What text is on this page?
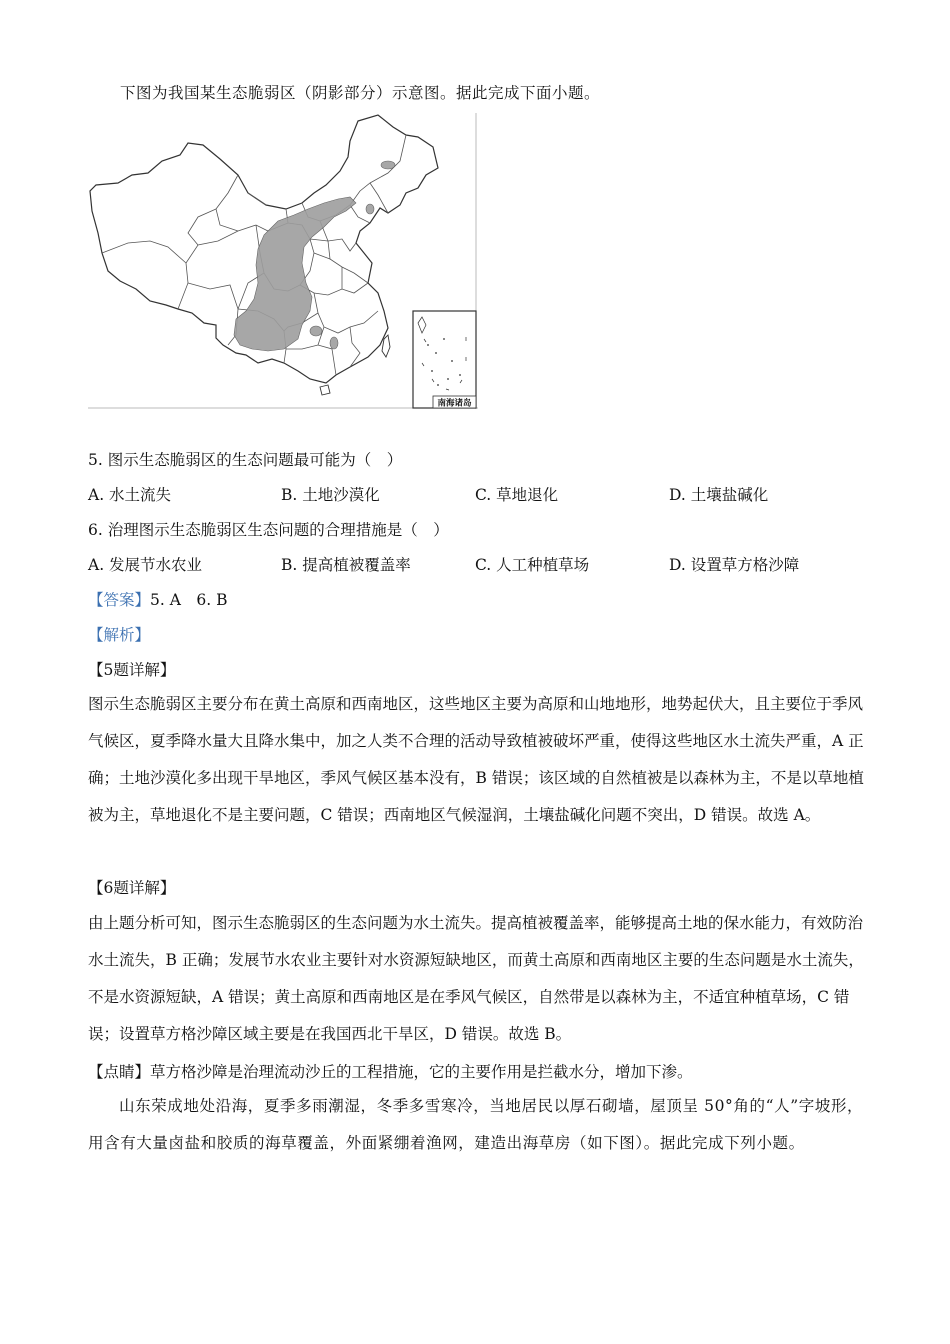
下图为我国某生态脆弱区（阴影部分）示意图。据此完成下面小题。
南海诸岛
5. 图示生态脆弱区的生态问题最可能为（　）
A. 水土流失	B. 土地沙漠化	C. 草地退化	D. 土壤盐碱化
6. 治理图示生态脆弱区生态问题的合理措施是（　）
A. 发展节水农业	B. 提高植被覆盖率	C. 人工种植草场	D. 设置草方格沙障
【答案】5. A　6. B
【解析】
【5题详解】
图示生态脆弱区主要分布在黄土高原和西南地区，这些地区主要为高原和山地地形，地势起伏大，且主要位于季风气候区，夏季降水量大且降水集中，加之人类不合理的活动导致植被破坏严重，使得这些地区水土流失严重，A 正确；土地沙漠化多出现干旱地区，季风气候区基本没有，B 错误；该区域的自然植被是以森林为主，不是以草地植被为主，草地退化不是主要问题，C 错误；西南地区气候湿润，土壤盐碱化问题不突出，D 错误。故选 A。
【6题详解】
由上题分析可知，图示生态脆弱区的生态问题为水土流失。提高植被覆盖率，能够提高土地的保水能力，有效防治水土流失，B 正确；发展节水农业主要针对水资源短缺地区，而黄土高原和西南地区主要的生态问题是水土流失，不是水资源短缺，A 错误；黄土高原和西南地区是在季风气候区，自然带是以森林为主，不适宜种植草场，C 错误；设置草方格沙障区域主要是在我国西北干旱区，D 错误。故选 B。
【点睛】草方格沙障是治理流动沙丘的工程措施，它的主要作用是拦截水分，增加下渗。
山东荣成地处沿海，夏季多雨潮湿，冬季多雪寒冷，当地居民以厚石砌墙，屋顶呈 50°角的“人”字坡形，用含有大量卤盐和胶质的海草覆盖，外面紧绷着渔网，建造出海草房（如下图）。据此完成下列小题。
